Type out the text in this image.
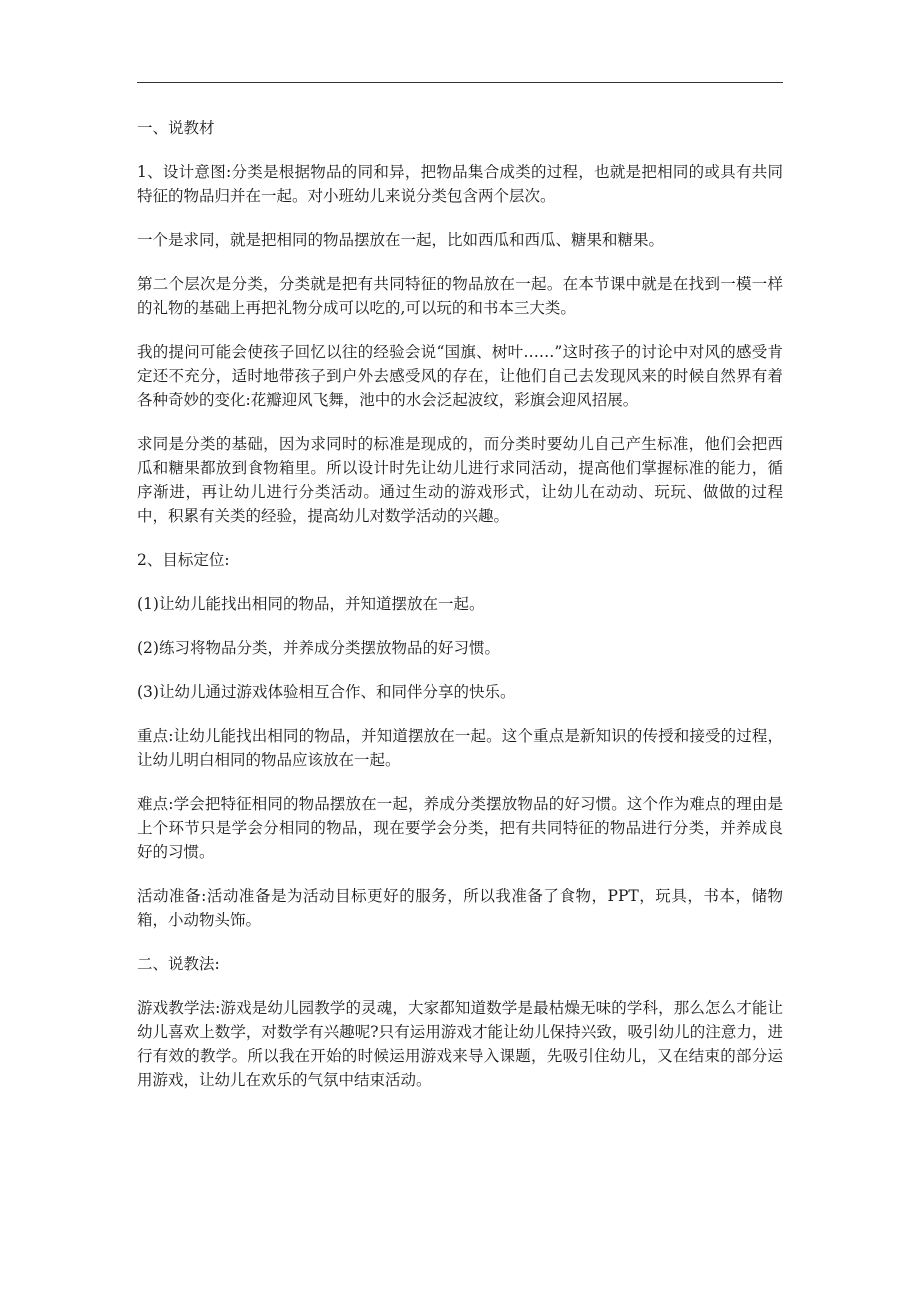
一、说教材

1、设计意图:分类是根据物品的同和异，把物品集合成类的过程，也就是把相同的或具有共同特征的物品归并在一起。对小班幼儿来说分类包含两个层次。

一个是求同，就是把相同的物品摆放在一起，比如西瓜和西瓜、糖果和糖果。

第二个层次是分类，分类就是把有共同特征的物品放在一起。在本节课中就是在找到一模一样的礼物的基础上再把礼物分成可以吃的,可以玩的和书本三大类。

我的提问可能会使孩子回忆以往的经验会说“国旗、树叶……”这时孩子的讨论中对风的感受肯定还不充分，适时地带孩子到户外去感受风的存在，让他们自己去发现风来的时候自然界有着各种奇妙的变化:花瓣迎风飞舞，池中的水会泛起波纹，彩旗会迎风招展。

求同是分类的基础，因为求同时的标准是现成的，而分类时要幼儿自己产生标准，他们会把西瓜和糖果都放到食物箱里。所以设计时先让幼儿进行求同活动，提高他们掌握标准的能力，循序渐进，再让幼儿进行分类活动。通过生动的游戏形式，让幼儿在动动、玩玩、做做的过程中，积累有关类的经验，提高幼儿对数学活动的兴趣。

2、目标定位:

(1)让幼儿能找出相同的物品，并知道摆放在一起。

(2)练习将物品分类，并养成分类摆放物品的好习惯。

(3)让幼儿通过游戏体验相互合作、和同伴分享的快乐。

重点:让幼儿能找出相同的物品，并知道摆放在一起。这个重点是新知识的传授和接受的过程，让幼儿明白相同的物品应该放在一起。

难点:学会把特征相同的物品摆放在一起，养成分类摆放物品的好习惯。这个作为难点的理由是上个环节只是学会分相同的物品，现在要学会分类，把有共同特征的物品进行分类，并养成良好的习惯。

活动准备:活动准备是为活动目标更好的服务，所以我准备了食物，PPT，玩具，书本，储物箱，小动物头饰。

二、说教法:

游戏教学法:游戏是幼儿园教学的灵魂，大家都知道数学是最枯燥无味的学科，那么怎么才能让幼儿喜欢上数学，对数学有兴趣呢?只有运用游戏才能让幼儿保持兴致，吸引幼儿的注意力，进行有效的教学。所以我在开始的时候运用游戏来导入课题，先吸引住幼儿，又在结束的部分运用游戏，让幼儿在欢乐的气氛中结束活动。
